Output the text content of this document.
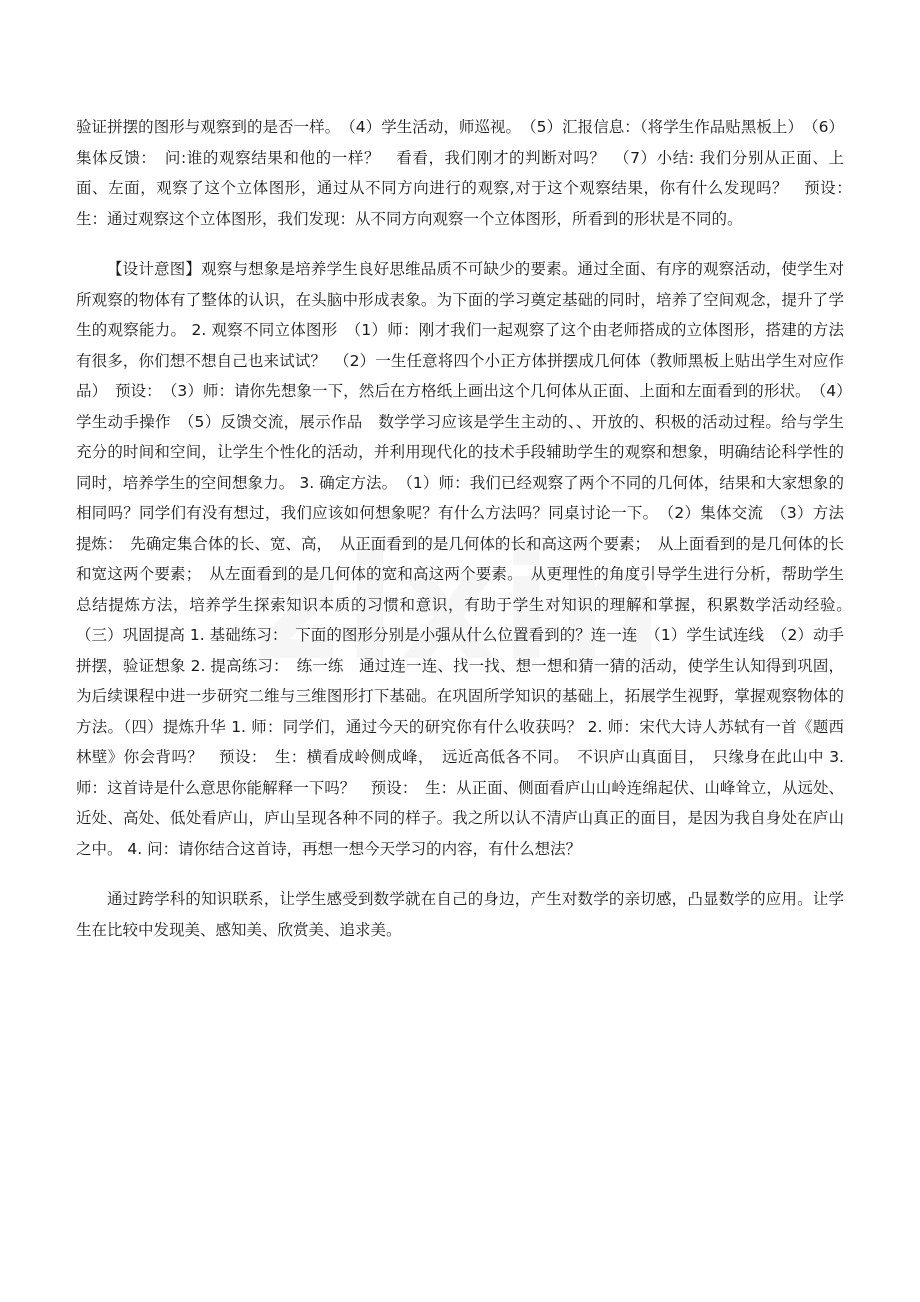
验证拼摆的图形与观察到的是否一样。　（4）学生活动，师巡视。　（5）汇报信息：（将学生作品贴黑板上）　（6）集体反馈：　问:谁的观察结果和他的一样？　看看，我们刚才的判断对吗？　（7）小结: 我们分别从正面、上面、左面，观察了这个立体图形，通过从不同方向进行的观察,对于这个观察结果，你有什么发现吗？　预设：　生：通过观察这个立体图形，我们发现：从不同方向观察一个立体图形，所看到的形状是不同的。

【设计意图】观察与想象是培养学生良好思维品质不可缺少的要素。通过全面、有序的观察活动，使学生对所观察的物体有了整体的认识，在头脑中形成表象。为下面的学习奠定基础的同时，培养了空间观念，提升了学生的观察能力。 2. 观察不同立体图形　（1）师：刚才我们一起观察了这个由老师搭成的立体图形，搭建的方法有很多，你们想不想自己也来试试？　（2）一生任意将四个小正方体拼摆成几何体（教师黑板上贴出学生对应作品）　预设：　（3）师：请你先想象一下，然后在方格纸上画出这个几何体从正面、上面和左面看到的形状。　（4）学生动手操作　（5）反馈交流，展示作品　数学学习应该是学生主动的、、开放的、积极的活动过程。给与学生充分的时间和空间，让学生个性化的活动，并利用现代化的技术手段辅助学生的观察和想象，明确结论科学性的同时，培养学生的空间想象力。 3. 确定方法。　（1）师：我们已经观察了两个不同的几何体，结果和大家想象的相同吗？同学们有没有想过，我们应该如何想象呢？有什么方法吗？同桌讨论一下。　（2）集体交流　（3）方法提炼：　先确定集合体的长、宽、高，　从正面看到的是几何体的长和高这两个要素；　从上面看到的是几何体的长和宽这两个要素；　从左面看到的是几何体的宽和高这两个要素。　从更理性的角度引导学生进行分析，帮助学生总结提炼方法，培养学生探索知识本质的习惯和意识，有助于学生对知识的理解和掌握，积累数学活动经验。　（三）巩固提高 1. 基础练习：　下面的图形分别是小强从什么位置看到的？连一连　（1）学生试连线　（2）动手拼摆，验证想象 2. 提高练习：　练一练　通过连一连、找一找、想一想和猜一猜的活动，使学生认知得到巩固，为后续课程中进一步研究二维与三维图形打下基础。在巩固所学知识的基础上，拓展学生视野，掌握观察物体的方法。（四）提炼升华 1. 师：同学们，通过今天的研究你有什么收获吗？ 2. 师：宋代大诗人苏轼有一首《题西林壁》你会背吗？　预设：　生：横看成岭侧成峰，　远近高低各不同。　不识庐山真面目，　只缘身在此山中 3. 师：这首诗是什么意思你能解释一下吗？　预设：　生：从正面、侧面看庐山山岭连绵起伏、山峰耸立，从远处、近处、高处、低处看庐山，庐山呈现各种不同的样子。我之所以认不清庐山真正的面目，是因为我自身处在庐山之中。 4. 问：请你结合这首诗，再想一想今天学习的内容，有什么想法？

通过跨学科的知识联系，让学生感受到数学就在自己的身边，产生对数学的亲切感，凸显数学的应用。让学生在比较中发现美、感知美、欣赏美、追求美。
